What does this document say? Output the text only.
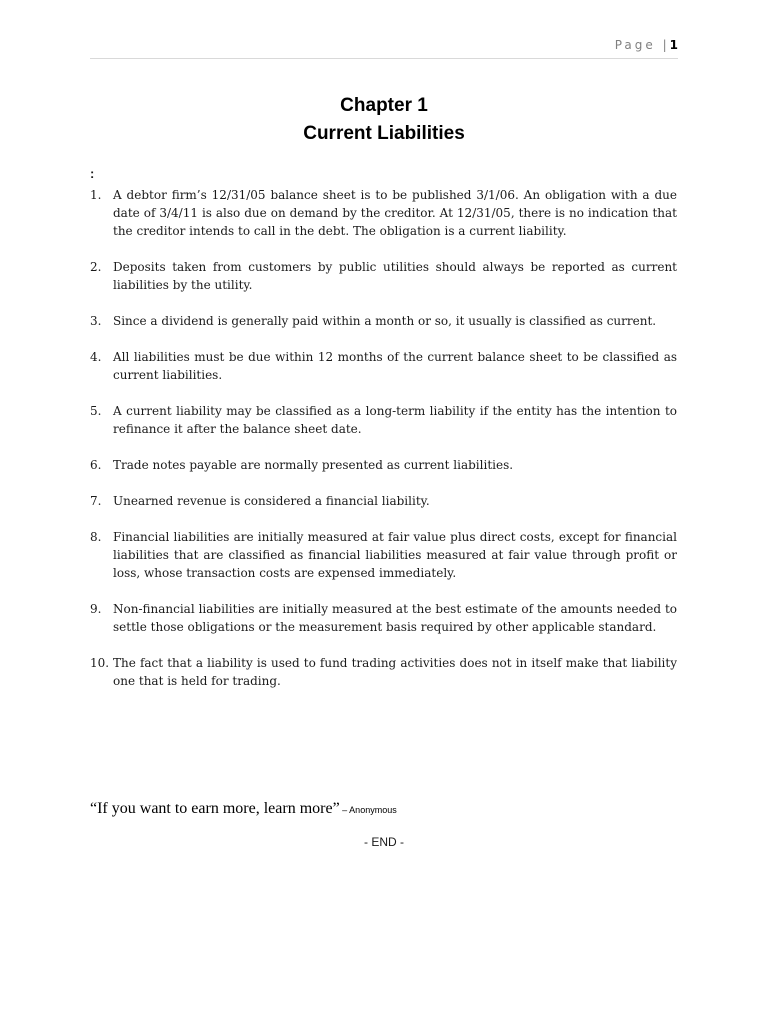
Page |1
Chapter 1
Current Liabilities
:
1. A debtor firm’s 12/31/05 balance sheet is to be published 3/1/06. An obligation with a due date of 3/4/11 is also due on demand by the creditor. At 12/31/05, there is no indication that the creditor intends to call in the debt. The obligation is a current liability.
2. Deposits taken from customers by public utilities should always be reported as current liabilities by the utility.
3. Since a dividend is generally paid within a month or so, it usually is classified as current.
4. All liabilities must be due within 12 months of the current balance sheet to be classified as current liabilities.
5. A current liability may be classified as a long-term liability if the entity has the intention to refinance it after the balance sheet date.
6. Trade notes payable are normally presented as current liabilities.
7. Unearned revenue is considered a financial liability.
8. Financial liabilities are initially measured at fair value plus direct costs, except for financial liabilities that are classified as financial liabilities measured at fair value through profit or loss, whose transaction costs are expensed immediately.
9. Non-financial liabilities are initially measured at the best estimate of the amounts needed to settle those obligations or the measurement basis required by other applicable standard.
10. The fact that a liability is used to fund trading activities does not in itself make that liability one that is held for trading.
“If you want to earn more, learn more” – Anonymous
- END -
